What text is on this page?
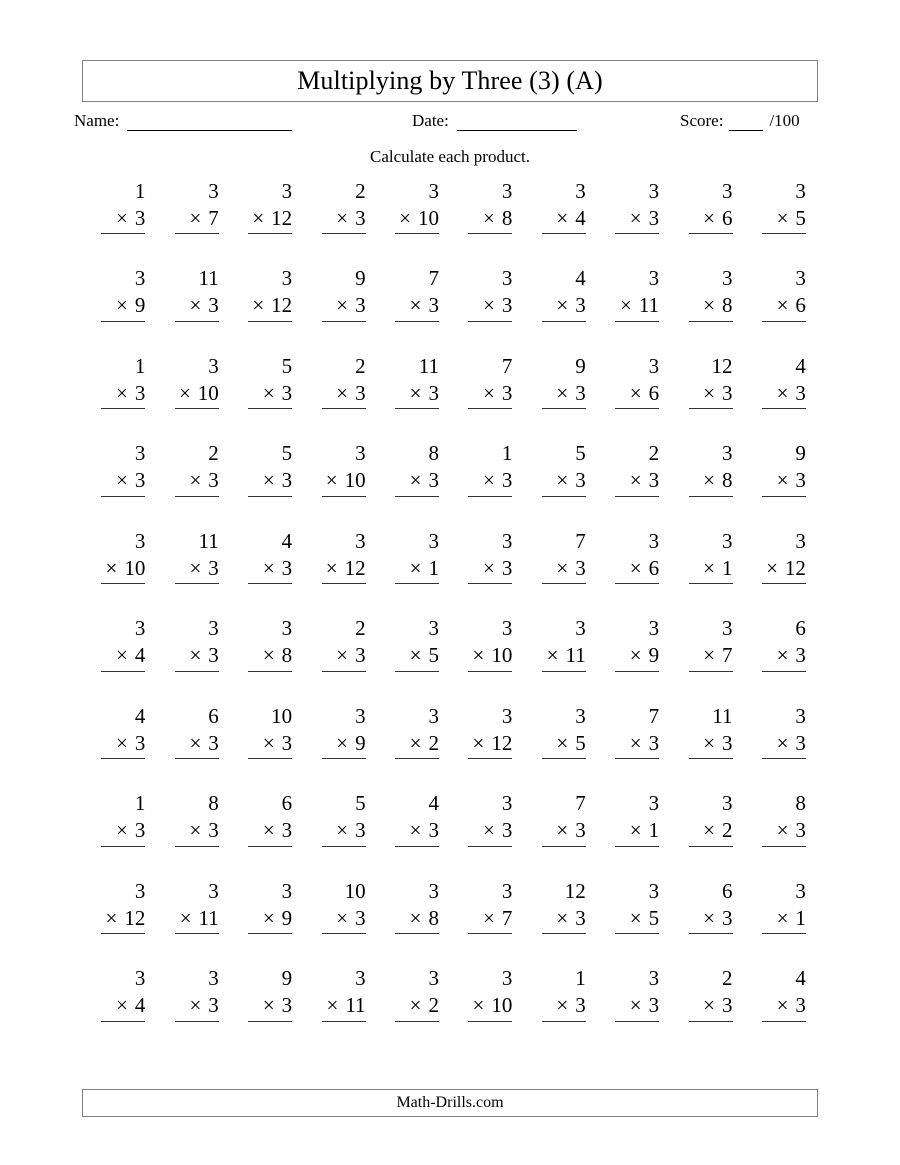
Multiplying by Three (3) (A)
Name:	Date:	Score:	/100
Calculate each product.
1
× 3
3
× 7
3
× 12
2
× 3
3
× 10
3
× 8
3
× 4
3
× 3
3
× 6
3
× 5
3
× 9
11
× 3
3
× 12
9
× 3
7
× 3
3
× 3
4
× 3
3
× 11
3
× 8
3
× 6
1
× 3
3
× 10
5
× 3
2
× 3
11
× 3
7
× 3
9
× 3
3
× 6
12
× 3
4
× 3
3
× 3
2
× 3
5
× 3
3
× 10
8
× 3
1
× 3
5
× 3
2
× 3
3
× 8
9
× 3
3
× 10
11
× 3
4
× 3
3
× 12
3
× 1
3
× 3
7
× 3
3
× 6
3
× 1
3
× 12
3
× 4
3
× 3
3
× 8
2
× 3
3
× 5
3
× 10
3
× 11
3
× 9
3
× 7
6
× 3
4
× 3
6
× 3
10
× 3
3
× 9
3
× 2
3
× 12
3
× 5
7
× 3
11
× 3
3
× 3
1
× 3
8
× 3
6
× 3
5
× 3
4
× 3
3
× 3
7
× 3
3
× 1
3
× 2
8
× 3
3
× 12
3
× 11
3
× 9
10
× 3
3
× 8
3
× 7
12
× 3
3
× 5
6
× 3
3
× 1
3
× 4
3
× 3
9
× 3
3
× 11
3
× 2
3
× 10
1
× 3
3
× 3
2
× 3
4
× 3
Math-Drills.com
